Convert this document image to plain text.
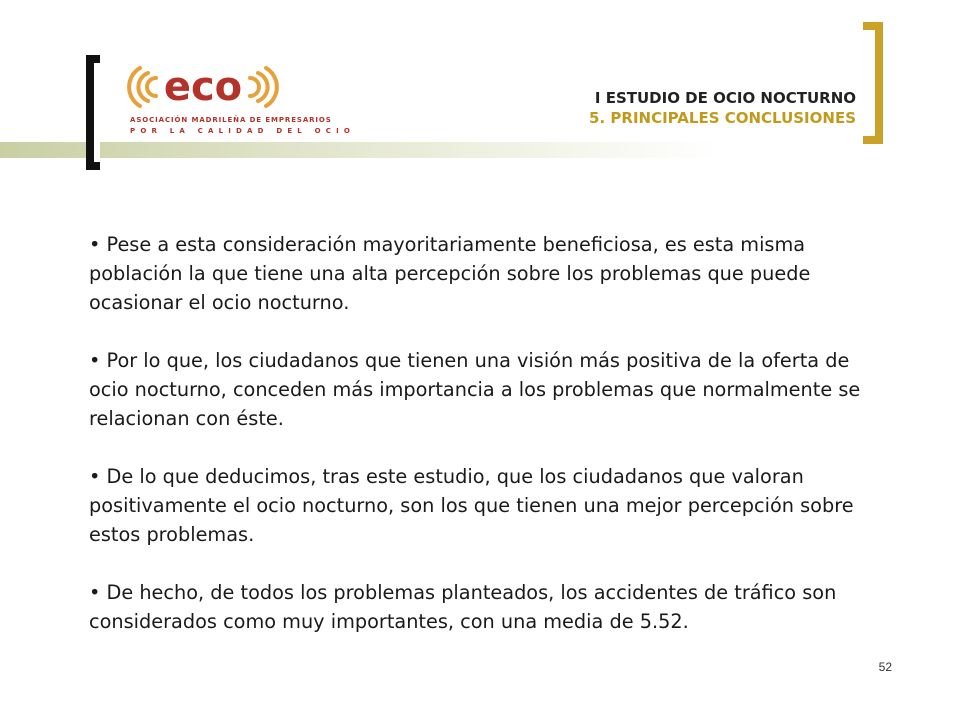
eco
ASOCIACIÓN MADRILEÑA DE EMPRESARIOS
POR LA CALIDAD DEL OCIO
I ESTUDIO DE OCIO NOCTURNO
5. PRINCIPALES CONCLUSIONES

• Pese a esta consideración mayoritariamente beneficiosa, es esta misma población la que tiene una alta percepción sobre los problemas que puede ocasionar el ocio nocturno.

• Por lo que, los ciudadanos que tienen una visión más positiva de la oferta de ocio nocturno, conceden más importancia a los problemas que normalmente se relacionan con éste.

• De lo que deducimos, tras este estudio, que los ciudadanos que valoran positivamente el ocio nocturno, son los que tienen una mejor percepción sobre estos problemas.

• De hecho, de todos los problemas planteados, los accidentes de tráfico son considerados como muy importantes, con una media de 5.52.

52
